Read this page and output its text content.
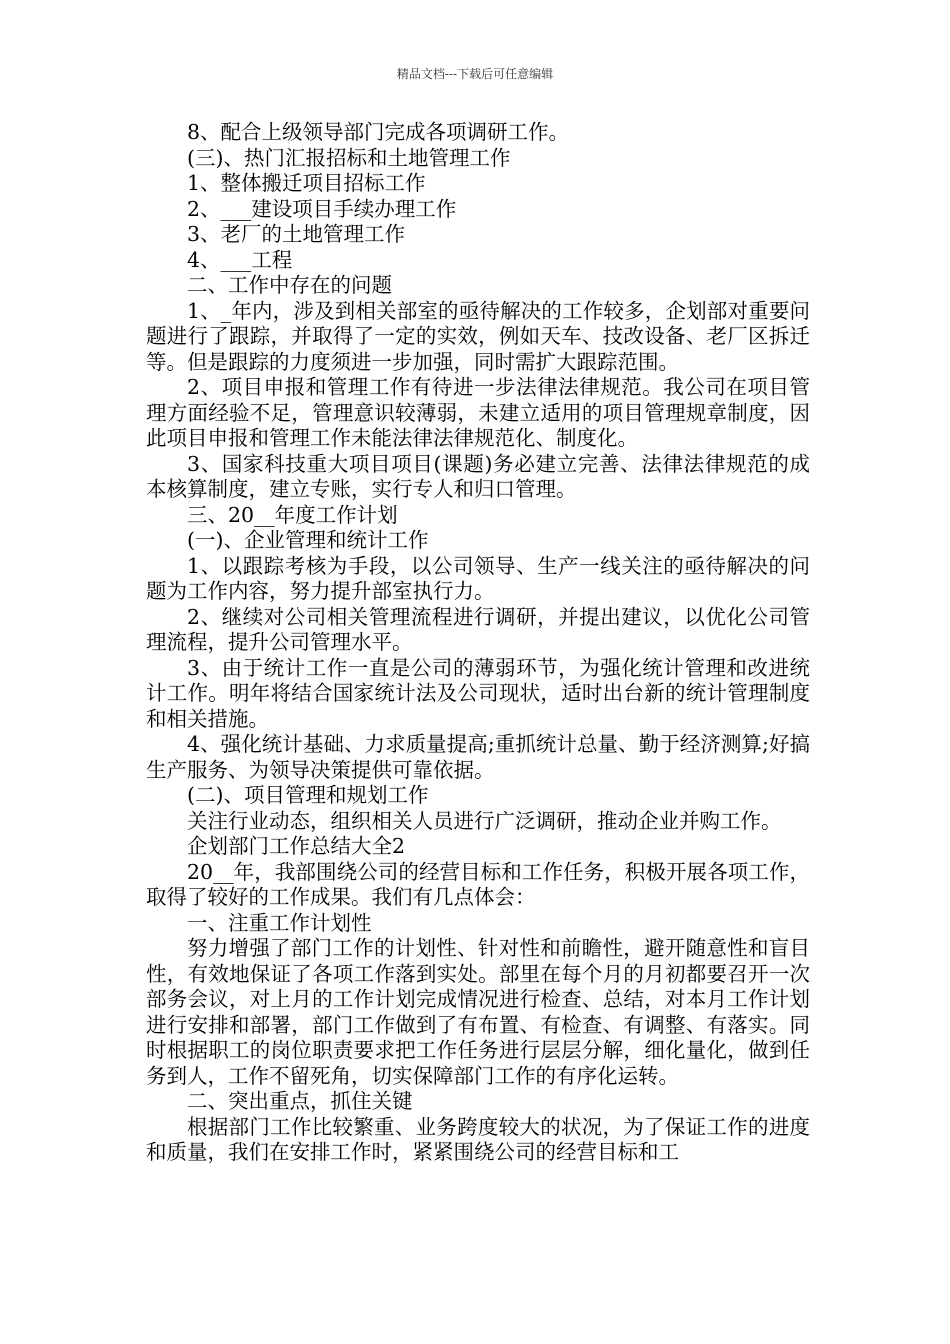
精品文档---下载后可任意编辑

8、配合上级领导部门完成各项调研工作。

(三)、热门汇报招标和土地管理工作

1、整体搬迁项目招标工作

2、___建设项目手续办理工作

3、老厂的土地管理工作

4、___工程

二、工作中存在的问题

1、_年内，涉及到相关部室的亟待解决的工作较多，企划部对重要问题进行了跟踪，并取得了一定的实效，例如天车、技改设备、老厂区拆迁等。但是跟踪的力度须进一步加强，同时需扩大跟踪范围。

2、项目申报和管理工作有待进一步法律法律规范。我公司在项目管理方面经验不足，管理意识较薄弱，未建立适用的项目管理规章制度，因此项目申报和管理工作未能法律法律规范化、制度化。

3、国家科技重大项目项目(课题)务必建立完善、法律法律规范的成本核算制度，建立专账，实行专人和归口管理。

三、20__年度工作计划

(一)、企业管理和统计工作

1、以跟踪考核为手段，以公司领导、生产一线关注的亟待解决的问题为工作内容，努力提升部室执行力。

2、继续对公司相关管理流程进行调研，并提出建议，以优化公司管理流程，提升公司管理水平。

3、由于统计工作一直是公司的薄弱环节，为强化统计管理和改进统计工作。明年将结合国家统计法及公司现状，适时出台新的统计管理制度和相关措施。

4、强化统计基础、力求质量提高;重抓统计总量、勤于经济测算;好搞生产服务、为领导决策提供可靠依据。

(二)、项目管理和规划工作

关注行业动态，组织相关人员进行广泛调研，推动企业并购工作。

企划部门工作总结大全2

20__年，我部围绕公司的经营目标和工作任务，积极开展各项工作，取得了较好的工作成果。我们有几点体会：

一、注重工作计划性

努力增强了部门工作的计划性、针对性和前瞻性，避开随意性和盲目性，有效地保证了各项工作落到实处。部里在每个月的月初都要召开一次部务会议，对上月的工作计划完成情况进行检查、总结，对本月工作计划进行安排和部署，部门工作做到了有布置、有检查、有调整、有落实。同时根据职工的岗位职责要求把工作任务进行层层分解，细化量化，做到任务到人，工作不留死角，切实保障部门工作的有序化运转。

二、突出重点，抓住关键

根据部门工作比较繁重、业务跨度较大的状况，为了保证工作的进度和质量，我们在安排工作时，紧紧围绕公司的经营目标和工
